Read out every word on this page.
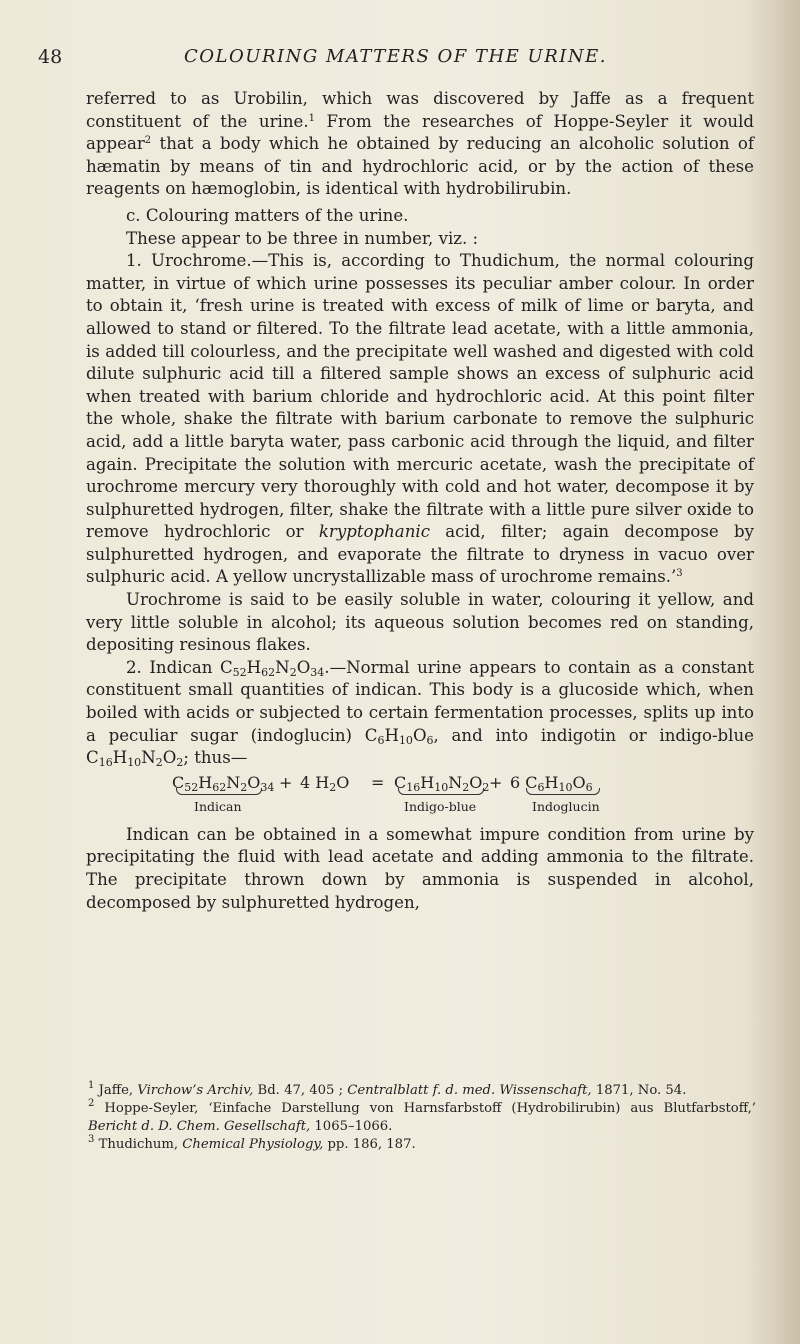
48	COLOURING MATTERS OF THE URINE.

referred to as Urobilin, which was discovered by Jaffe as a frequent constituent of the urine.$^1$ From the researches of Hoppe-Seyler it would appear$^2$ that a body which he obtained by reducing an alcoholic solution of hæmatin by means of tin and hydrochloric acid, or by the action of these reagents on hæmoglobin, is identical with hydrobilirubin.

c. Colouring matters of the urine.

These appear to be three in number, viz. :

1. Urochrome.—This is, according to Thudichum, the normal colouring matter, in virtue of which urine possesses its peculiar amber colour. In order to obtain it, ‘fresh urine is treated with excess of milk of lime or baryta, and allowed to stand or filtered. To the filtrate lead acetate, with a little ammonia, is added till colourless, and the precipitate well washed and digested with cold dilute sulphuric acid till a filtered sample shows an excess of sulphuric acid when treated with barium chloride and hydrochloric acid. At this point filter the whole, shake the filtrate with barium carbonate to remove the sulphuric acid, add a little baryta water, pass carbonic acid through the liquid, and filter again. Precipitate the solution with mercuric acetate, wash the precipitate of urochrome mercury very thoroughly with cold and hot water, decompose it by sulphuretted hydrogen, filter, shake the filtrate with a little pure silver oxide to remove hydrochloric or kryptophanic acid, filter; again decompose by sulphuretted hydrogen, and evaporate the filtrate to dryness in vacuo over sulphuric acid. A yellow uncrystallizable mass of urochrome remains.’$^3$

Urochrome is said to be easily soluble in water, colouring it yellow, and very little soluble in alcohol; its aqueous solution becomes red on standing, depositing resinous flakes.

2. Indican $C_{52}H_{62}N_2O_{34}.—Normal$ urine appears to contain as a constant constituent small quantities of indican. This body is a glucoside which, when boiled with acids or subjected to certain fermentation processes, splits up into a peculiar sugar (indoglucin) $C_6H_{10}O_6$, and into indigotin or indigo-blue $C_{16}H_{10}N_2O_2$; thus—

$C_{52}H_{62}N_2O_{34} + 4$ $H_2O = C_{16}H_{10}N_2O_2 + 6$ $C_6H_{10}O_6$
Indican	Indigo-blue	Indoglucin

Indican can be obtained in a somewhat impure condition from urine by precipitating the fluid with lead acetate and adding ammonia to the filtrate. The precipitate thrown down by ammonia is suspended in alcohol, decomposed by sulphuretted hydrogen,

$^1$ Jaffe, Virchow’s Archiv, Bd. 47, 405 ; Centralblatt f. d. med. Wissenschaft, 1871, No. 54.

$^2$ Hoppe-Seyler, ‘Einfache Darstellung von Harnsfarbstoff (Hydrobilirubin) aus Blutfarbstoff,’ Bericht d. D. Chem. Gesellschaft, 1065–1066.

$^3$ Thudichum, Chemical Physiology, pp. 186, 187.
